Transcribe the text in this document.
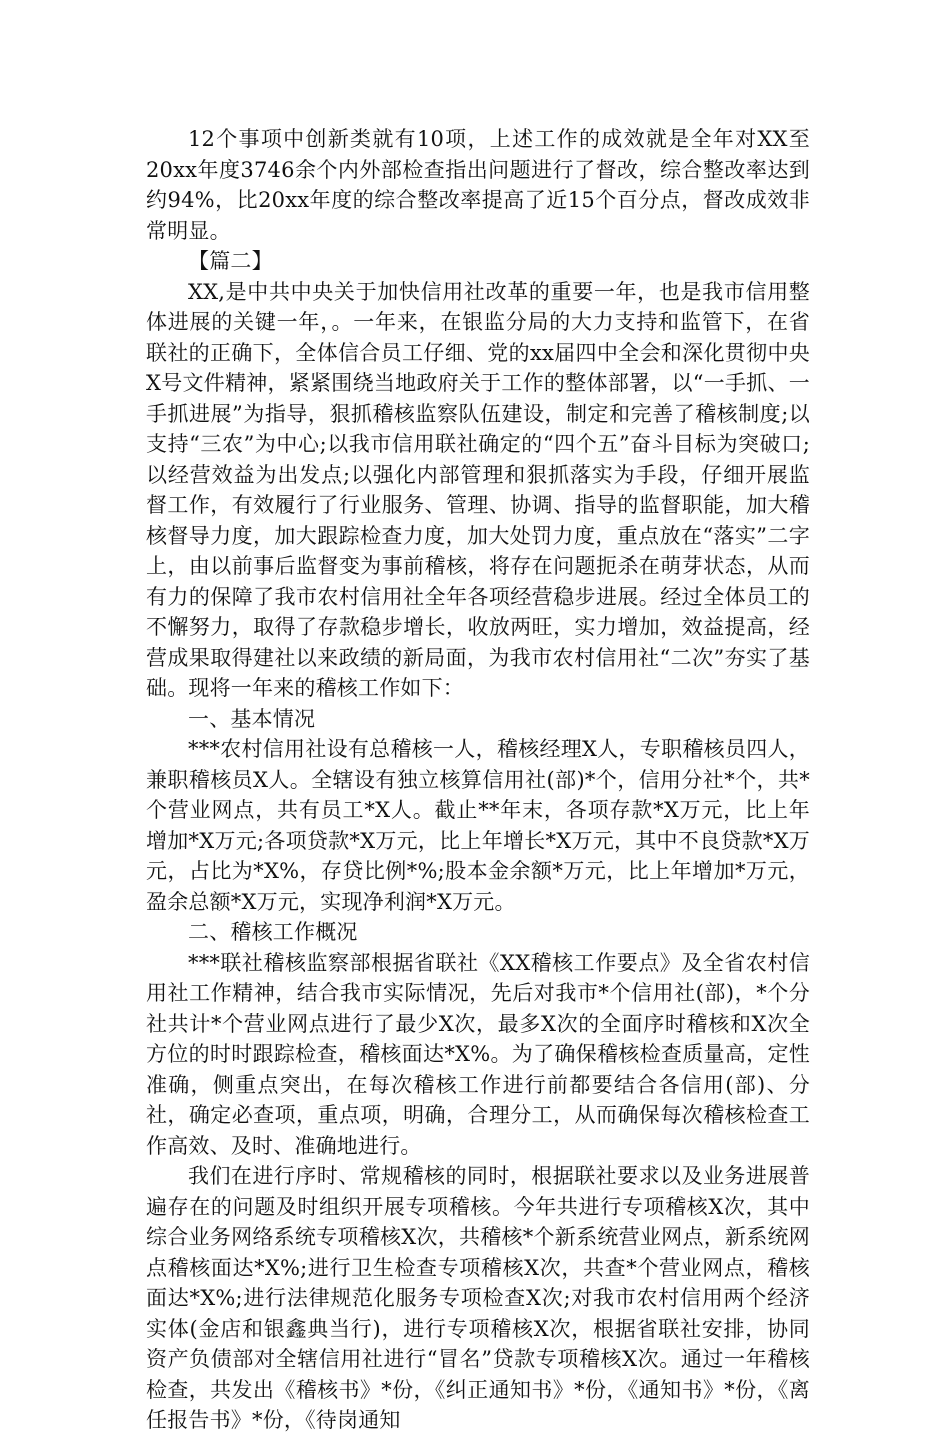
12个事项中创新类就有10项，上述工作的成效就是全年对XX至20xx年度3746余个内外部检查指出问题进行了督改，综合整改率达到约94%，比20xx年度的综合整改率提高了近15个百分点，督改成效非常明显。

【篇二】

XX,是中共中央关于加快信用社改革的重要一年，也是我市信用整体进展的关键一年，。一年来，在银监分局的大力支持和监管下，在省联社的正确下，全体信合员工仔细、党的xx届四中全会和深化贯彻中央X号文件精神，紧紧围绕当地政府关于工作的整体部署，以“一手抓、一手抓进展”为指导，狠抓稽核监察队伍建设，制定和完善了稽核制度;以支持“三农”为中心;以我市信用联社确定的“四个五”奋斗目标为突破口;以经营效益为出发点;以强化内部管理和狠抓落实为手段，仔细开展监督工作，有效履行了行业服务、管理、协调、指导的监督职能，加大稽核督导力度，加大跟踪检查力度，加大处罚力度，重点放在“落实”二字上，由以前事后监督变为事前稽核，将存在问题扼杀在萌芽状态，从而有力的保障了我市农村信用社全年各项经营稳步进展。经过全体员工的不懈努力，取得了存款稳步增长，收放两旺，实力增加，效益提高，经营成果取得建社以来政绩的新局面，为我市农村信用社“二次”夯实了基础。现将一年来的稽核工作如下：

一、基本情况

***农村信用社设有总稽核一人，稽核经理X人，专职稽核员四人，兼职稽核员X人。全辖设有独立核算信用社(部)*个，信用分社*个，共*个营业网点，共有员工*X人。截止**年末，各项存款*X万元，比上年增加*X万元;各项贷款*X万元，比上年增长*X万元，其中不良贷款*X万元，占比为*X%，存贷比例*%;股本金余额*万元，比上年增加*万元，盈余总额*X万元，实现净利润*X万元。

二、稽核工作概况

***联社稽核监察部根据省联社《XX稽核工作要点》及全省农村信用社工作精神，结合我市实际情况，先后对我市*个信用社(部)，*个分社共计*个营业网点进行了最少X次，最多X次的全面序时稽核和X次全方位的时时跟踪检查，稽核面达*X%。为了确保稽核检查质量高，定性准确，侧重点突出，在每次稽核工作进行前都要结合各信用(部)、分社，确定必查项，重点项，明确，合理分工，从而确保每次稽核检查工作高效、及时、准确地进行。

我们在进行序时、常规稽核的同时，根据联社要求以及业务进展普遍存在的问题及时组织开展专项稽核。今年共进行专项稽核X次，其中综合业务网络系统专项稽核X次，共稽核*个新系统营业网点，新系统网点稽核面达*X%;进行卫生检查专项稽核X次，共查*个营业网点，稽核面达*X%;进行法律规范化服务专项检查X次;对我市农村信用两个经济实体(金店和银鑫典当行)，进行专项稽核X次，根据省联社安排，协同资产负债部对全辖信用社进行“冒名”贷款专项稽核X次。通过一年稽核检查，共发出《稽核书》*份，《纠正通知书》*份，《通知书》*份，《离任报告书》*份，《待岗通知
